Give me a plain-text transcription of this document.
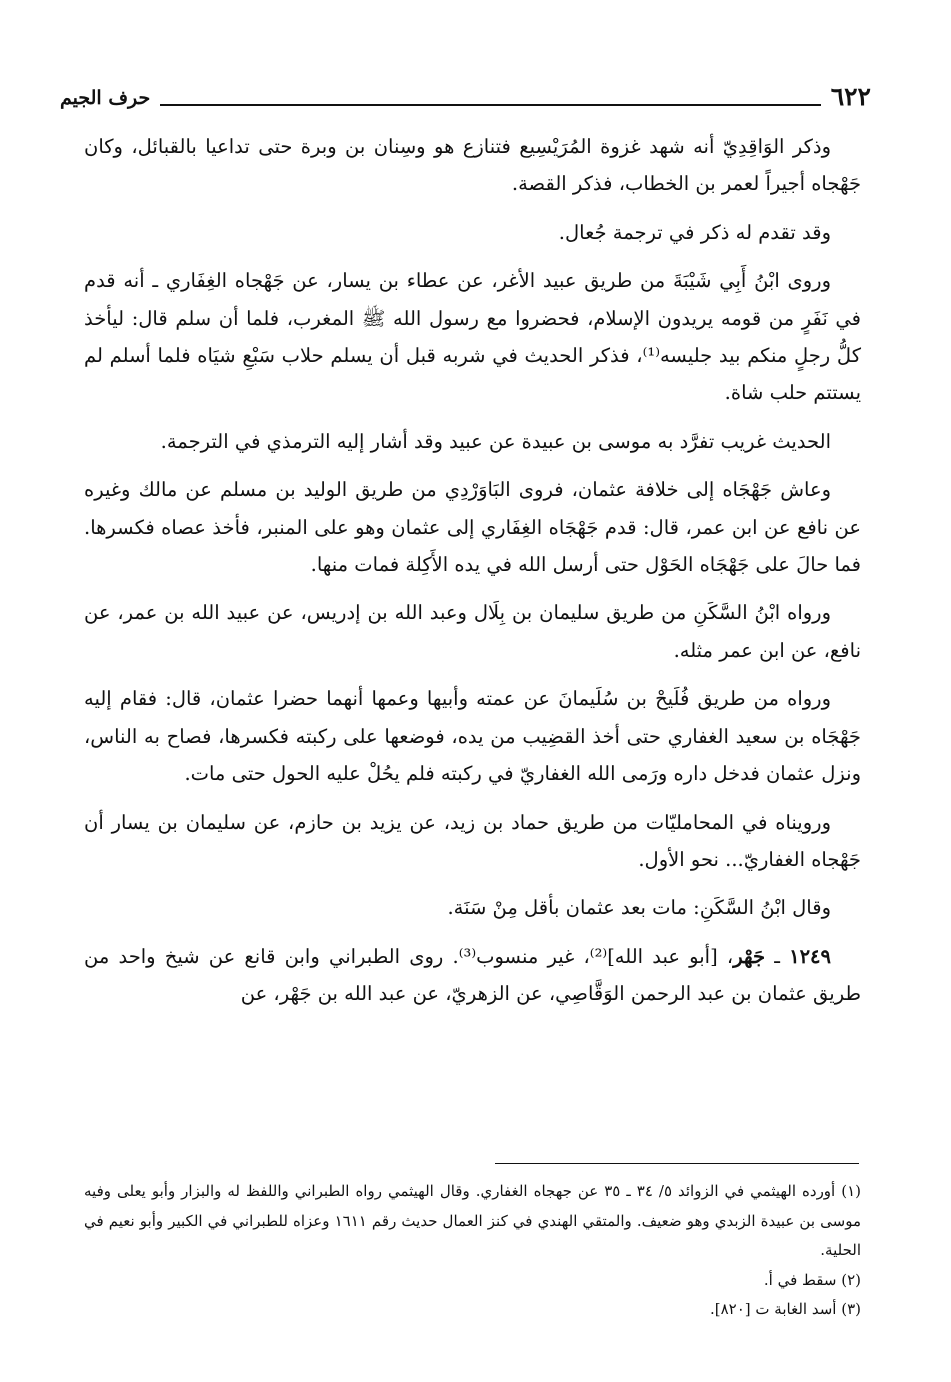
٦٢٢
حرف الجيم

وذكر الوَاقِدِيّ أنه شهد غزوة المُرَيْسِيع فتنازع هو وسِنان بن وبرة حتى تداعيا بالقبائل، وكان جَهْجاه أجيراً لعمر بن الخطاب، فذكر القصة.

وقد تقدم له ذكر في ترجمة جُعال.

وروى ابْنُ أَبِي شَيْبَةَ من طريق عبيد الأغر، عن عطاء بن يسار، عن جَهْجاه الغِفَاري ـ أنه قدم في نَفَرٍ من قومه يريدون الإسلام، فحضروا مع رسول الله ﷺ المغرب، فلما أن سلم قال: ليأخذ كلُّ رجلٍ منكم بيد جليسه⁽¹⁾، فذكر الحديث في شربه قبل أن يسلم حلاب سَبْعِ شيَاه فلما أسلم لم يستتم حلب شاة.

الحديث غريب تفرَّد به موسى بن عبيدة عن عبيد وقد أشار إليه الترمذي في الترجمة.

وعاش جَهْجَاه إلى خلافة عثمان، فروى البَاوَرْدِي من طريق الوليد بن مسلم عن مالك وغيره عن نافع عن ابن عمر، قال: قدم جَهْجَاه الغِفَاري إلى عثمان وهو على المنبر، فأخذ عصاه فكسرها. فما حالَ على جَهْجَاه الحَوْل حتى أرسل الله في يده الأَكِلة فمات منها.

ورواه ابْنُ السَّكَنِ من طريق سليمان بن بِلَال وعبد الله بن إدريس، عن عبيد الله بن عمر، عن نافع، عن ابن عمر مثله.

ورواه من طريق فُلَيحْ بن سُلَيمانَ عن عمته وأبيها وعمها أنهما حضرا عثمان، قال: فقام إليه جَهْجَاه بن سعيد الغفاري حتى أخذ القضِيب من يده، فوضعها على ركبته فكسرها، فصاح به الناس، ونزل عثمان فدخل داره ورَمى الله الغفاريّ في ركبته فلم يحُلْ عليه الحول حتى مات.

ورويناه في المحامليّات من طريق حماد بن زيد، عن يزيد بن حازم، عن سليمان بن يسار أن جَهْجاه الغفاريّ... نحو الأول.

وقال ابْنُ السَّكَنِ: مات بعد عثمان بأقل مِنْ سَنَة.

١٢٤٩ ـ جَهْر، [أبو عبد الله]⁽²⁾، غير منسوب⁽³⁾. روى الطبراني وابن قانع عن شيخ واحد من طريق عثمان بن عبد الرحمن الوَقَّاصِي، عن الزهريّ، عن عبد الله بن جَهْر، عن

(١) أورده الهيثمي في الزوائد ٥/ ٣٤ ـ ٣٥ عن جهجاه الغفاري. وقال الهيثمي رواه الطبراني واللفظ له والبزار وأبو يعلى وفيه موسى بن عبيدة الزبدي وهو ضعيف. والمتقي الهندي في كنز العمال حديث رقم ١٦١١ وعزاه للطبراني في الكبير وأبو نعيم في الحلية.

(٢) سقط في أ.

(٣) أسد الغابة ت [٨٢٠].
